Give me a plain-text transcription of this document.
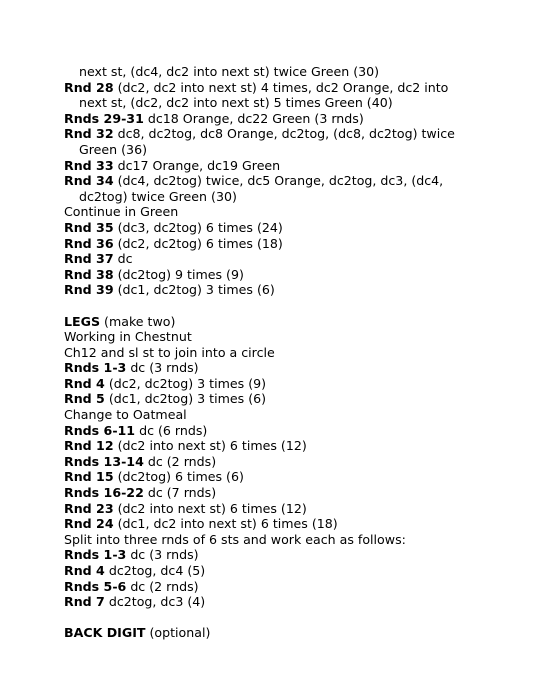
next st, (dc4, dc2 into next st) twice Green (30)
Rnd 28 (dc2, dc2 into next st) 4 times, dc2 Orange, dc2 into
next st, (dc2, dc2 into next st) 5 times Green (40)
Rnds 29-31 dc18 Orange, dc22 Green (3 rnds)
Rnd 32 dc8, dc2tog, dc8 Orange, dc2tog, (dc8, dc2tog) twice
Green (36)
Rnd 33 dc17 Orange, dc19 Green
Rnd 34 (dc4, dc2tog) twice, dc5 Orange, dc2tog, dc3, (dc4,
dc2tog) twice Green (30)
Continue in Green
Rnd 35 (dc3, dc2tog) 6 times (24)
Rnd 36 (dc2, dc2tog) 6 times (18)
Rnd 37 dc
Rnd 38 (dc2tog) 9 times (9)
Rnd 39 (dc1, dc2tog) 3 times (6)
LEGS (make two)
Working in Chestnut
Ch12 and sl st to join into a circle
Rnds 1-3 dc (3 rnds)
Rnd 4 (dc2, dc2tog) 3 times (9)
Rnd 5 (dc1, dc2tog) 3 times (6)
Change to Oatmeal
Rnds 6-11 dc (6 rnds)
Rnd 12 (dc2 into next st) 6 times (12)
Rnds 13-14 dc (2 rnds)
Rnd 15 (dc2tog) 6 times (6)
Rnds 16-22 dc (7 rnds)
Rnd 23 (dc2 into next st) 6 times (12)
Rnd 24 (dc1, dc2 into next st) 6 times (18)
Split into three rnds of 6 sts and work each as follows:
Rnds 1-3 dc (3 rnds)
Rnd 4 dc2tog, dc4 (5)
Rnds 5-6 dc (2 rnds)
Rnd 7 dc2tog, dc3 (4)
BACK DIGIT (optional)
